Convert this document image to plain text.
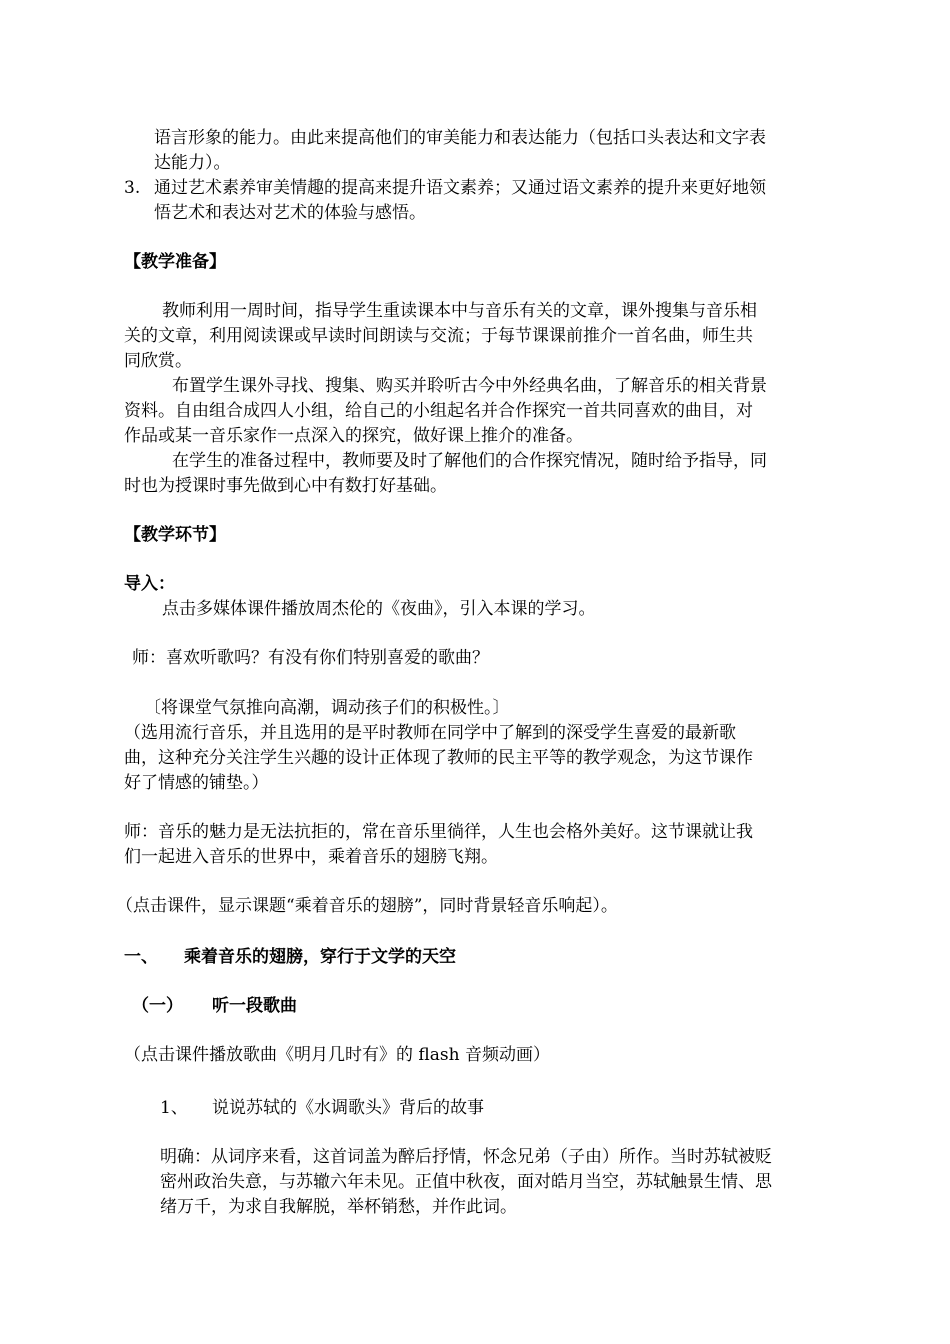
语言形象的能力。由此来提高他们的审美能力和表达能力（包括口头表达和文字表
达能力）。
3. 通过艺术素养审美情趣的提高来提升语文素养；又通过语文素养的提升来更好地领
悟艺术和表达对艺术的体验与感悟。
【教学准备】
教师利用一周时间，指导学生重读课本中与音乐有关的文章，课外搜集与音乐相
关的文章，利用阅读课或早读时间朗读与交流；于每节课课前推介一首名曲，师生共
同欣赏。
布置学生课外寻找、搜集、购买并聆听古今中外经典名曲，了解音乐的相关背景
资料。自由组合成四人小组，给自己的小组起名并合作探究一首共同喜欢的曲目，对
作品或某一音乐家作一点深入的探究，做好课上推介的准备。
在学生的准备过程中，教师要及时了解他们的合作探究情况，随时给予指导，同
时也为授课时事先做到心中有数打好基础。
【教学环节】
导入：
点击多媒体课件播放周杰伦的《夜曲》，引入本课的学习。
师：喜欢听歌吗？有没有你们特别喜爱的歌曲？
〔将课堂气氛推向高潮，调动孩子们的积极性。〕
（选用流行音乐，并且选用的是平时教师在同学中了解到的深受学生喜爱的最新歌
曲，这种充分关注学生兴趣的设计正体现了教师的民主平等的教学观念，为这节课作
好了情感的铺垫。）
师：音乐的魅力是无法抗拒的，常在音乐里徜徉，人生也会格外美好。这节课就让我
们一起进入音乐的世界中，乘着音乐的翅膀飞翔。
（点击课件，显示课题“乘着音乐的翅膀”，同时背景轻音乐响起）。
一、 乘着音乐的翅膀，穿行于文学的天空
（一） 听一段歌曲
（点击课件播放歌曲《明月几时有》的 flash 音频动画）
1、 说说苏轼的《水调歌头》背后的故事
明确：从词序来看，这首词盖为醉后抒情，怀念兄弟（子由）所作。当时苏轼被贬
密州政治失意，与苏辙六年未见。正值中秋夜，面对皓月当空，苏轼触景生情、思
绪万千，为求自我解脱，举杯销愁，并作此词。
